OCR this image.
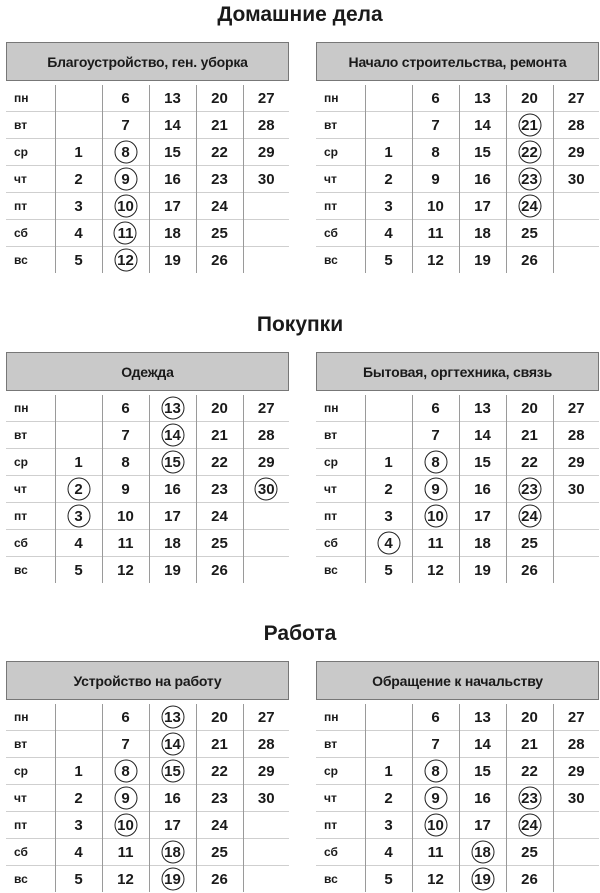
Домашние дела
Покупки
Работа
Благоустройство, ген. уборка
пн		6	13	20	27
вт		7	14	21	28
ср	1	8	15	22	29
чт	2	9	16	23	30
пт	3	10	17	24	
сб	4	11	18	25	
вс	5	12	19	26	
Начало строительства, ремонта
пн		6	13	20	27
вт		7	14	21	28
ср	1	8	15	22	29
чт	2	9	16	23	30
пт	3	10	17	24	
сб	4	11	18	25	
вс	5	12	19	26	
Одежда
пн		6	13	20	27
вт		7	14	21	28
ср	1	8	15	22	29
чт	2	9	16	23	30
пт	3	10	17	24	
сб	4	11	18	25	
вс	5	12	19	26	
Бытовая, оргтехника, связь
пн		6	13	20	27
вт		7	14	21	28
ср	1	8	15	22	29
чт	2	9	16	23	30
пт	3	10	17	24	
сб	4	11	18	25	
вс	5	12	19	26	
Устройство на работу
пн		6	13	20	27
вт		7	14	21	28
ср	1	8	15	22	29
чт	2	9	16	23	30
пт	3	10	17	24	
сб	4	11	18	25	
вс	5	12	19	26	
Обращение к начальству
пн		6	13	20	27
вт		7	14	21	28
ср	1	8	15	22	29
чт	2	9	16	23	30
пт	3	10	17	24	
сб	4	11	18	25	
вс	5	12	19	26	
